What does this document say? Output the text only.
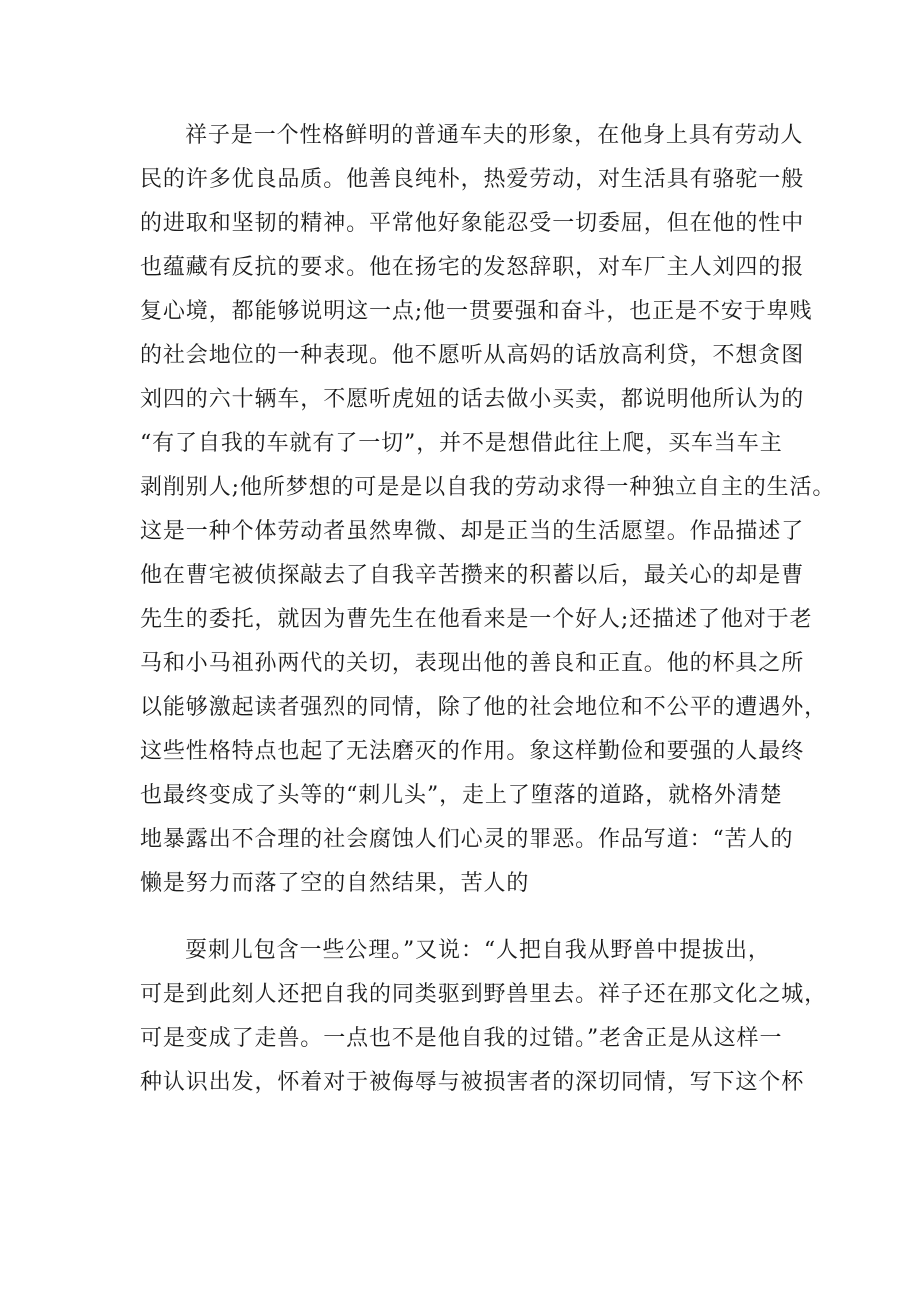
祥子是一个性格鲜明的普通车夫的形象，在他身上具有劳动人
民的许多优良品质。他善良纯朴，热爱劳动，对生活具有骆驼一般
的进取和坚韧的精神。平常他好象能忍受一切委屈，但在他的性中
也蕴藏有反抗的要求。他在扬宅的发怒辞职，对车厂主人刘四的报
复心境，都能够说明这一点;他一贯要强和奋斗，也正是不安于卑贱
的社会地位的一种表现。他不愿听从高妈的话放高利贷，不想贪图
刘四的六十辆车，不愿听虎妞的话去做小买卖，都说明他所认为的
“有了自我的车就有了一切”，并不是想借此往上爬，买车当车主
剥削别人;他所梦想的可是是以自我的劳动求得一种独立自主的生活。
这是一种个体劳动者虽然卑微、却是正当的生活愿望。作品描述了
他在曹宅被侦探敲去了自我辛苦攒来的积蓄以后，最关心的却是曹
先生的委托，就因为曹先生在他看来是一个好人;还描述了他对于老
马和小马祖孙两代的关切，表现出他的善良和正直。他的杯具之所
以能够激起读者强烈的同情，除了他的社会地位和不公平的遭遇外，
这些性格特点也起了无法磨灭的作用。象这样勤俭和要强的人最终
也最终变成了头等的“刺儿头”，走上了堕落的道路，就格外清楚
地暴露出不合理的社会腐蚀人们心灵的罪恶。作品写道：“苦人的
懒是努力而落了空的自然结果，苦人的
耍刺儿包含一些公理。”又说：“人把自我从野兽中提拔出，
可是到此刻人还把自我的同类驱到野兽里去。祥子还在那文化之城，
可是变成了走兽。一点也不是他自我的过错。”老舍正是从这样一
种认识出发，怀着对于被侮辱与被损害者的深切同情，写下这个杯
